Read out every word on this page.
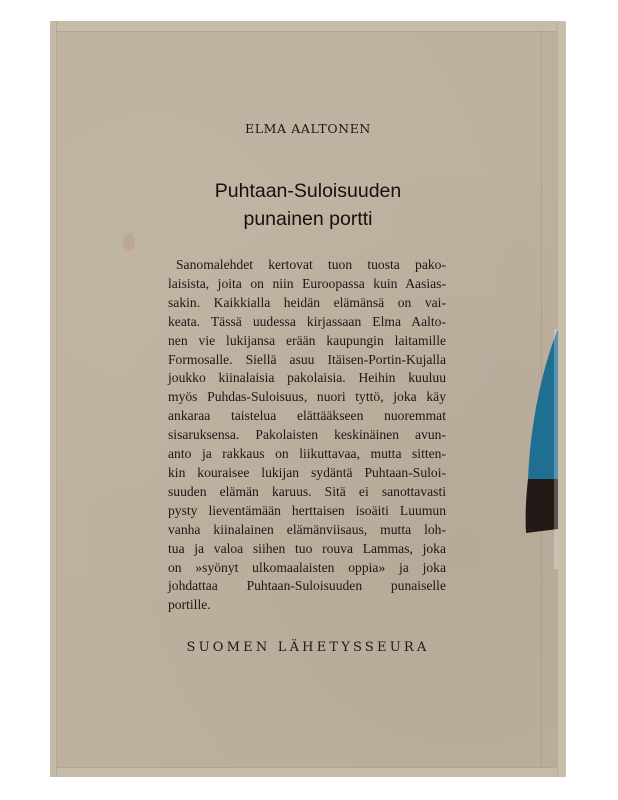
ELMA AALTONEN
Puhtaan-Suloisuuden
punainen portti
Sanomalehdet kertovat tuon tuosta pako-
laisista, joita on niin Euroopassa kuin Aasias-
sakin. Kaikkialla heidän elämänsä on vai-
keata. Tässä uudessa kirjassaan Elma Aalto-
nen vie lukijansa erään kaupungin laitamille
Formosalle. Siellä asuu Itäisen-Portin-Kujalla
joukko kiinalaisia pakolaisia. Heihin kuuluu
myös Puhdas-Suloisuus, nuori tyttö, joka käy
ankaraa taistelua elättääkseen nuoremmat
sisaruksensa. Pakolaisten keskinäinen avun-
anto ja rakkaus on liikuttavaa, mutta sitten-
kin kouraisee lukijan sydäntä Puhtaan-Suloi-
suuden elämän karuus. Sitä ei sanottavasti
pysty lieventämään herttaisen isoäiti Luumun
vanha kiinalainen elämänviisaus, mutta loh-
tua ja valoa siihen tuo rouva Lammas, joka
on »syönyt ulkomaalaisten oppia» ja joka
johdattaa Puhtaan-Suloisuuden punaiselle
portille.
SUOMEN LÄHETYSSEURA
